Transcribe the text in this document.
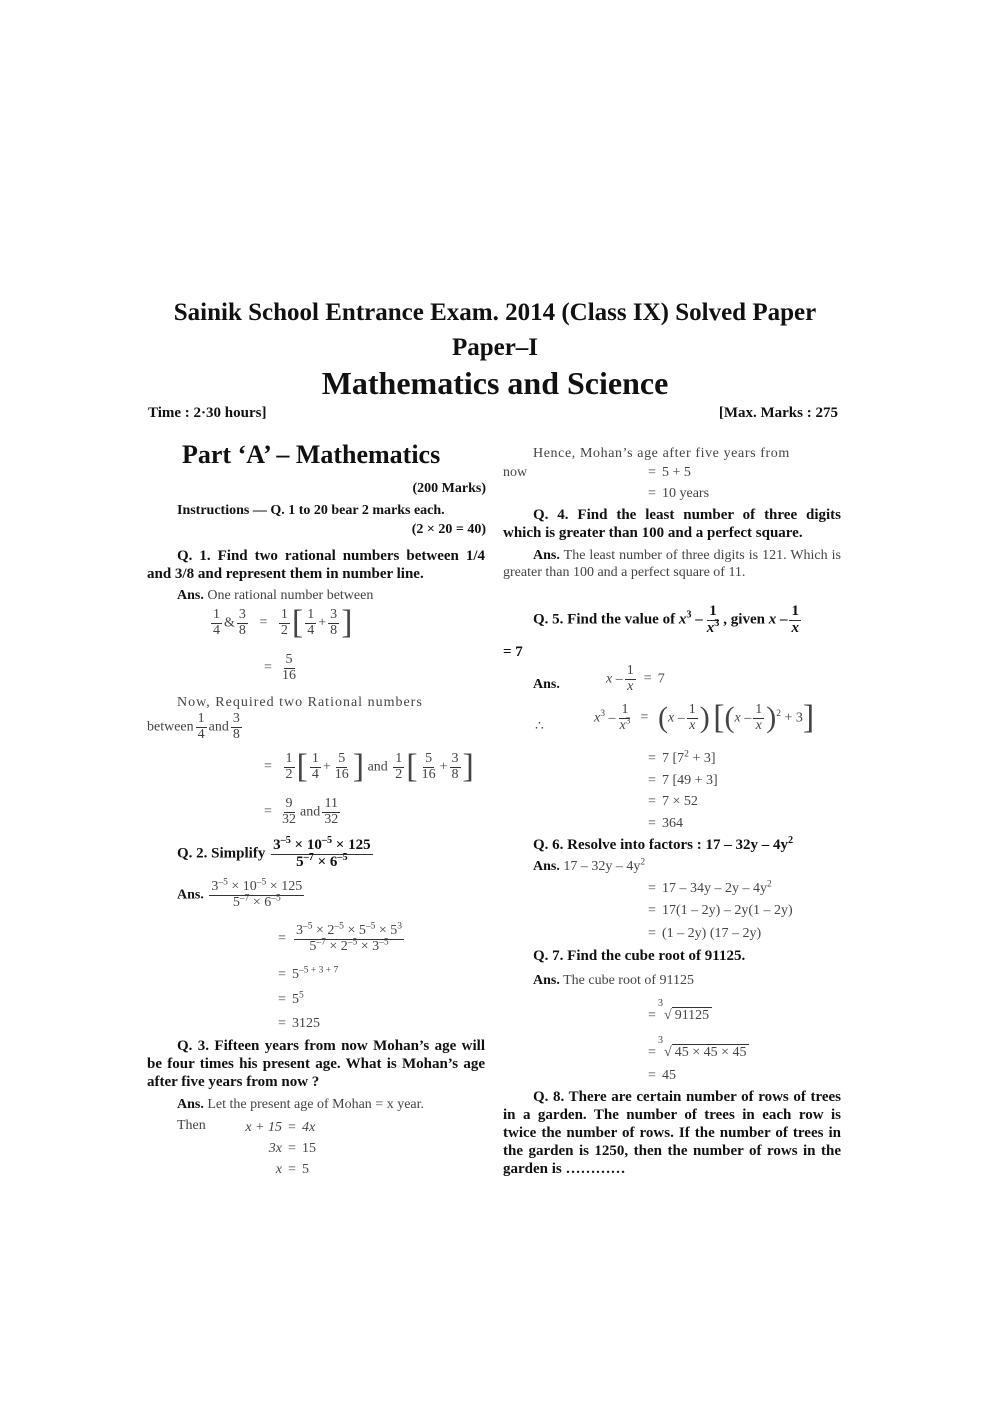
Sainik School Entrance Exam. 2014 (Class IX) Solved Paper
Paper–I
Mathematics and Science
Time : 2·30 hours]	[Max. Marks : 275
Part ‘A’ – Mathematics
(200 Marks)
Instructions — Q. 1 to 20 bear 2 marks each.
(2 × 20 = 40)
Q. 1. Find two rational numbers between 1/4 and 3/8 and represent them in number line.
Ans. One rational number between
$\frac{1}{4}$ & $\frac{3}{8} = \frac{1}{2}$ [ $\frac{1}{4} + \frac{3}{8}$ ]
= $\frac{5}{16}$
Now, Required two Rational numbers
between $\frac{1}{4}$ and $\frac{3}{8}$
= $\frac{1}{2}$ [ $\frac{1}{4} + \frac{5}{16}$ ] and $\frac{1}{2}$ [ $\frac{5}{16} + \frac{3}{8}$ ]
= $\frac{9}{32}$ and $\frac{11}{32}$
Q. 2. Simplify $\frac{3^{-5} \times 10^{-5} \times 125}{5^{-7} \times 6^{-5}}$
Ans. $\frac{3^{-5} \times 10^{-5} \times 125}{5^{-7} \times 6^{-5}}$
= $\frac{3^{-5} \times 2^{-5} \times 5^{-5} \times 5^3}{5^{-7} \times 2^{-5} \times 3^{-5}}$
= $5^{-5 + 3 + 7}$
= $5^5$
= 3125
Q. 3. Fifteen years from now Mohan’s age will be four times his present age. What is Mohan’s age after five years from now ?
Ans. Let the present age of Mohan = x year.
Then	x + 15
3x
x
= 4x
= 15
= 5
Hence, Mohan’s age after five years from
now	= 5 + 5
= 10 years
Q. 4. Find the least number of three digits which is greater than 100 and a perfect square.
Ans. The least number of three digits is 121. Which is greater than 100 and a perfect square of 11.
Q. 5. Find the value of $x^3 - \frac{1}{x^3}$ , given x – $\frac{1}{x}$
= 7
Ans.	$x - \frac{1}{x} = 7$
∴
$x^3 - \frac{1}{x^3} = (x - \frac{1}{x}$ ) $[(x - \frac{1}{x} )^2 + 3]$
= 7 $[7^2 + 3]$
= 7 [49 + 3]
= 7 × 52
= 364
Q. 6. Resolve into factors : $17 - 32y - 4y^2$
Ans. $17 - 32y - 4y^2$
= $17 - 34y - 2y - 4y^2$
= 17(1 – 2y) – 2y(1 – 2y)
= (1 – 2y) (17 – 2y)
Q. 7. Find the cube root of 91125.
Ans. The cube root of 91125
=
3
√ 91125
=
3
√ 45 × 45 × 45
= 45
Q. 8. There are certain number of rows of trees in a garden. The number of trees in each row is twice the number of rows. If the number of trees in the garden is 1250, then the number of rows in the garden is …………
